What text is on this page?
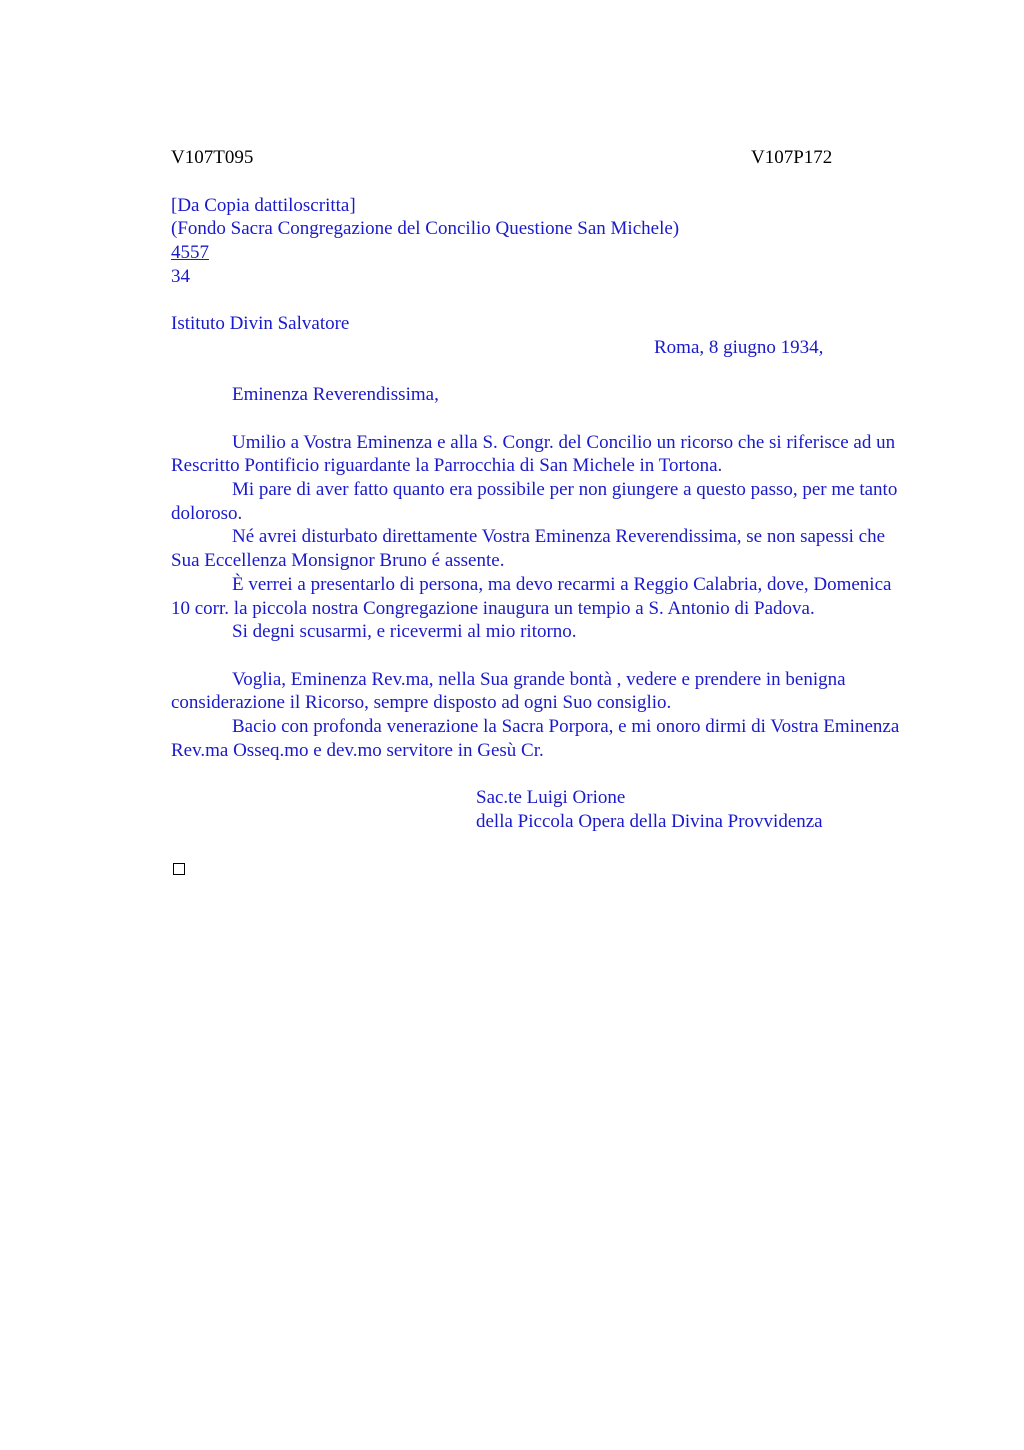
V107T095	V107P172
[Da Copia dattiloscritta]
(Fondo Sacra Congregazione del Concilio Questione San Michele)
4557
34
Istituto Divin Salvatore
Roma, 8 giugno 1934,
Eminenza Reverendissima,
Umilio a Vostra Eminenza e alla S. Congr. del Concilio un ricorso che si riferisce ad un Rescritto Pontificio riguardante la Parrocchia di San Michele in Tortona.
Mi pare di aver fatto quanto era possibile per non giungere a questo passo, per me tanto doloroso.
Né avrei disturbato direttamente Vostra Eminenza Reverendissima, se non sapessi che Sua Eccellenza Monsignor Bruno é assente.
È verrei a presentarlo di persona, ma devo recarmi a Reggio Calabria, dove, Domenica 10 corr. la piccola nostra Congregazione inaugura un tempio a S. Antonio di Padova.
Si degni scusarmi, e ricevermi al mio ritorno.
Voglia, Eminenza Rev.ma, nella Sua grande bontà , vedere e prendere in benigna considerazione il Ricorso, sempre disposto ad ogni Suo consiglio.
Bacio con profonda venerazione la Sacra Porpora, e mi onoro dirmi di Vostra Eminenza Rev.ma Osseq.mo e dev.mo servitore in Gesù Cr.
Sac.te Luigi Orione
della Piccola Opera della Divina Provvidenza
